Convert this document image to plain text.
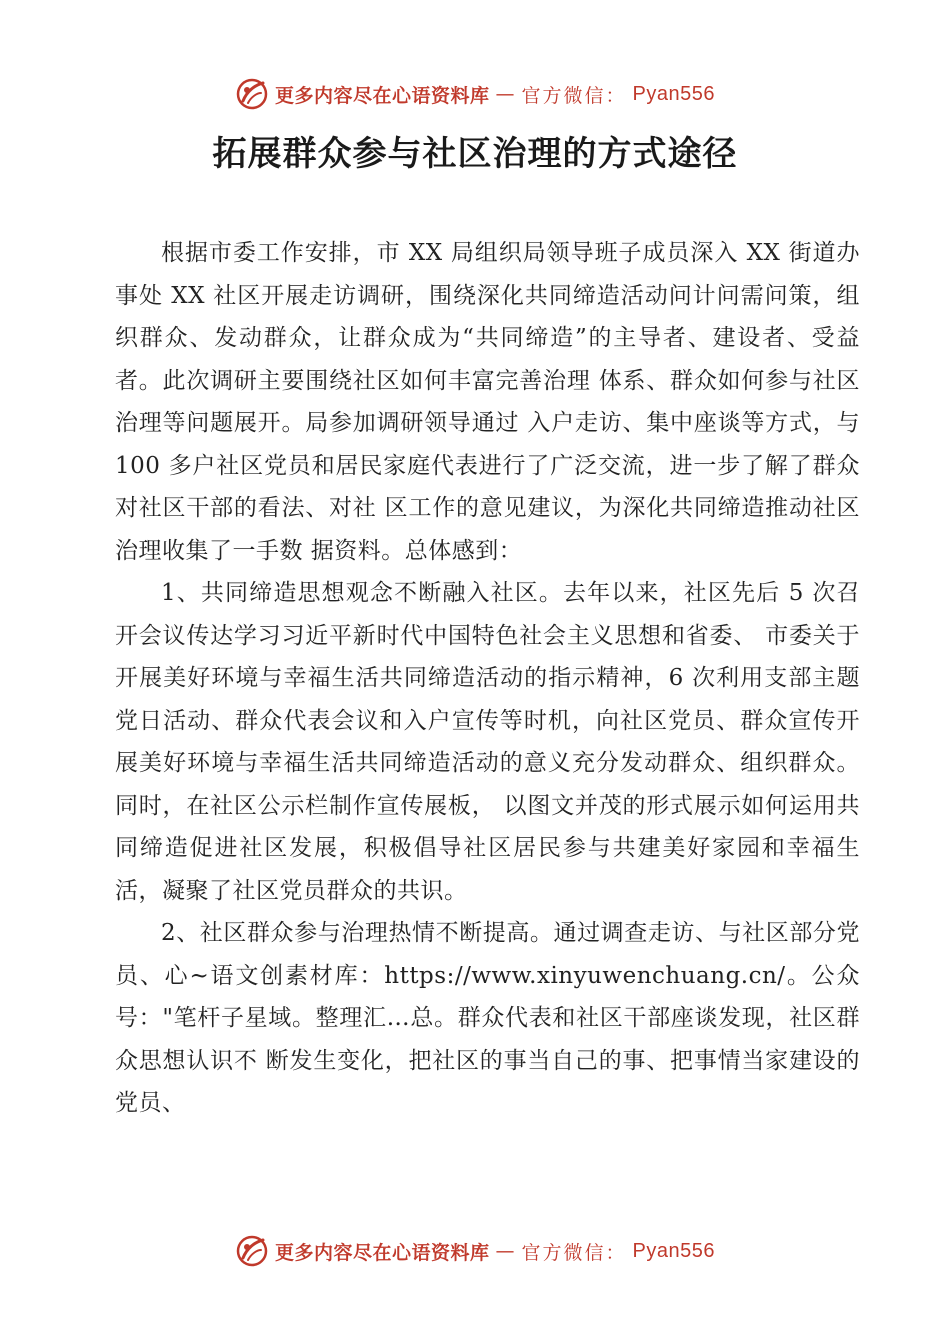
更多内容尽在心语资料库 — 官方微信： Pyan556
拓展群众参与社区治理的方式途径

根据市委工作安排，市 XX 局组织局领导班子成员深入 XX 街道办事处 XX 社区开展走访调研，围绕深化共同缔造活动问计问需问策，组织群众、发动群众，让群众成为“共同缔造”的主导者、建设者、受益者。此次调研主要围绕社区如何丰富完善治理 体系、群众如何参与社区治理等问题展开。局参加调研领导通过 入户走访、集中座谈等方式，与 100 多户社区党员和居民家庭代表进行了广泛交流，进一步了解了群众对社区干部的看法、对社 区工作的意见建议，为深化共同缔造推动社区治理收集了一手数 据资料。总体感到：

1、共同缔造思想观念不断融入社区。去年以来，社区先后 5 次召开会议传达学习习近平新时代中国特色社会主义思想和省委、 市委关于开展美好环境与幸福生活共同缔造活动的指示精神，6 次利用支部主题党日活动、群众代表会议和入户宣传等时机，向社区党员、群众宣传开展美好环境与幸福生活共同缔造活动的意义充分发动群众、组织群众。同时，在社区公示栏制作宣传展板， 以图文并茂的形式展示如何运用共同缔造促进社区发展，积极倡导社区居民参与共建美好家园和幸福生活，凝聚了社区党员群众的共识。

2、社区群众参与治理热情不断提高。通过调查走访、与社区部分党员、心~语文创素材库：https://www.xinyuwenchuang.cn/。公众号："笔杆子星域。整理汇…总。群众代表和社区干部座谈发现，社区群众思想认识不 断发生变化，把社区的事当自己的事、把事情当家建设的党员、

更多内容尽在心语资料库 — 官方微信： Pyan556
